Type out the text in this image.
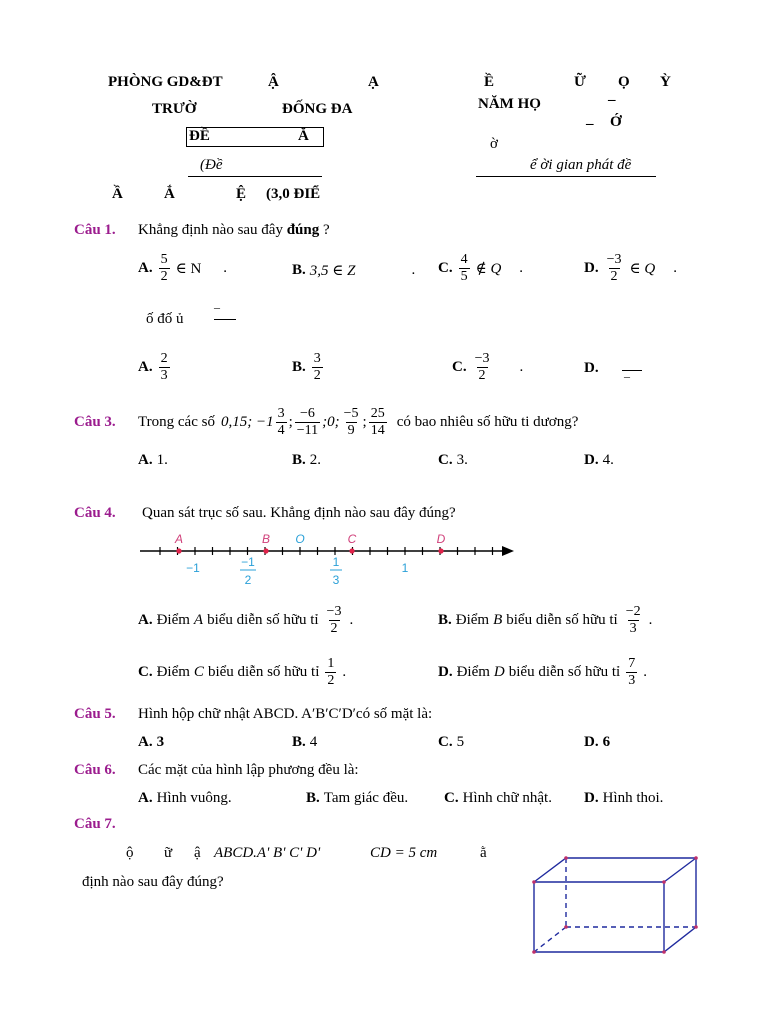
PHÒNG GD&ĐT	Ậ	Ạ
TRƯỜ	ĐỐNG ĐA
ĐỀ	Ă
(Đề
Ề	Ữ Ọ Ỳ
NĂM HỌ	–
– Ớ
ờ
ể ời gian phát đề
Ầ	Ắ	Ệ (3,0 ĐIỂ
Câu 1. Khẳng định nào sau đây đúng ?
A. $\frac{5}{2}$ ∈ N .	B. 3,5 ∈ Z	. C. $\frac{4}{5}$ ∉ Q .	D. $\frac{-3}{2}$ ∈ Q .
ố đố ủ
–
A. $\frac{2}{3}$	B. $\frac{3}{2}$	C. $\frac{-3}{2}$ .	D. –
Câu 3. Trong các số 0,15; $-1 \frac{3}{4}$ ; $\frac{-6}{-11}$ ;0; $\frac{-5}{9}$ ; $\frac{25}{14}$ có bao nhiêu số hữu ti dương?
A. 1.	B. 2.	C. 3.	D. 4.
Câu 4. Quan sát trục số sau. Khẳng định nào sau đây đúng?
A	B O	C	D
−1	−1
2
1
3
1
A. Điểm A biểu diễn số hữu tỉ $\frac{-3}{2}$ .	B. Điểm B biểu diễn số hữu tỉ $\frac{-2}{3}$ .
C. Điểm C biểu diễn số hữu tỉ $\frac{1}{2}$ .	D. Điểm D biểu diễn số hữu tỉ $\frac{7}{3}$ .
Câu 5. Hình hộp chữ nhật ABCD. A′B′C′D′có số mặt là:
A. 3	B. 4	C. 5	D. 6
Câu 6. Các mặt của hình lập phương đều là:
A. Hình vuông.	B. Tam giác đều. C. Hình chữ nhật. D. Hình thoi.
Câu 7.
ộ ữ ậ ABCD.A' B' C' D'	CD = 5 cm	ằ
định nào sau đây đúng?
